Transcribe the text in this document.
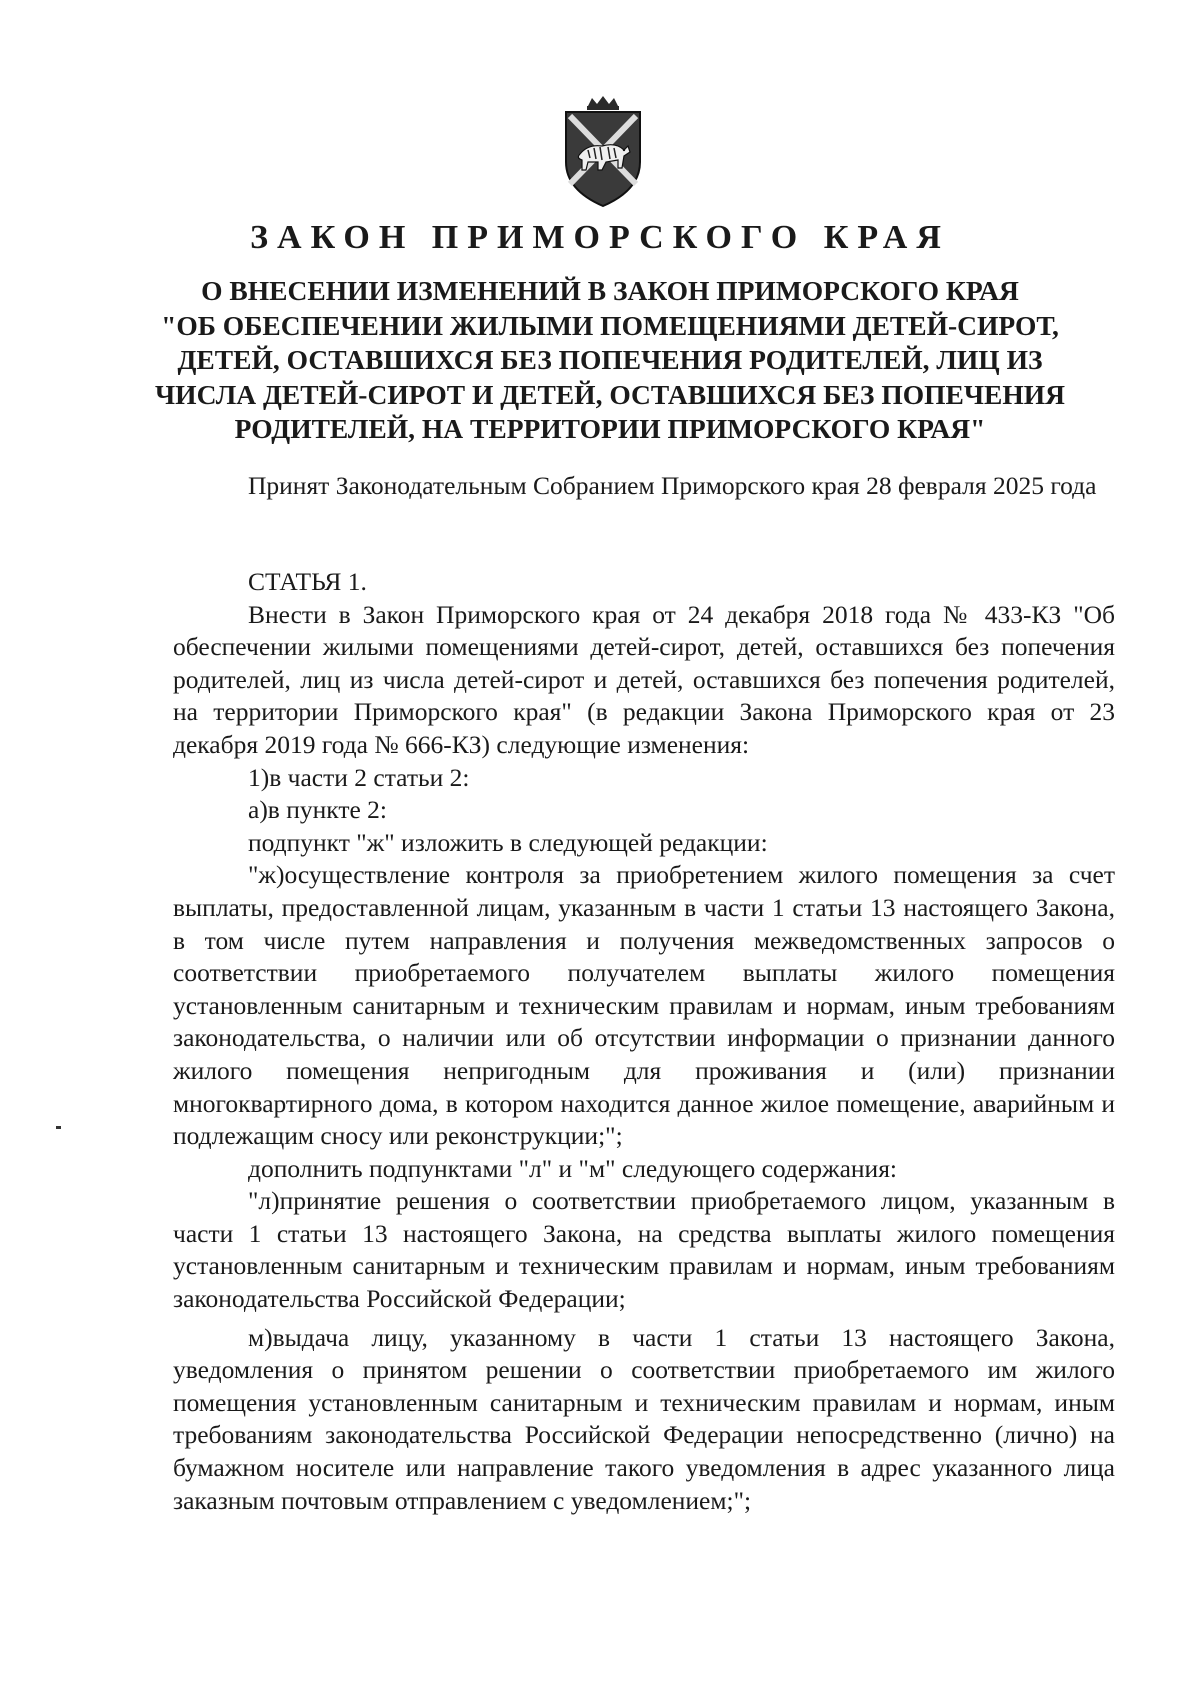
ЗАКОН ПРИМОРСКОГО КРАЯ
О ВНЕСЕНИИ ИЗМЕНЕНИЙ В ЗАКОН ПРИМОРСКОГО КРАЯ
"ОБ ОБЕСПЕЧЕНИИ ЖИЛЫМИ ПОМЕЩЕНИЯМИ ДЕТЕЙ-СИРОТ,
ДЕТЕЙ, ОСТАВШИХСЯ БЕЗ ПОПЕЧЕНИЯ РОДИТЕЛЕЙ, ЛИЦ ИЗ
ЧИСЛА ДЕТЕЙ-СИРОТ И ДЕТЕЙ, ОСТАВШИХСЯ БЕЗ ПОПЕЧЕНИЯ
РОДИТЕЛЕЙ, НА ТЕРРИТОРИИ ПРИМОРСКОГО КРАЯ"

Принят Законодательным Собранием Приморского края 28 февраля 2025 года

СТАТЬЯ 1.

Внести в Закон Приморского края от 24 декабря 2018 года № 433-КЗ "Об обеспечении жилыми помещениями детей-сирот, детей, оставшихся без попечения родителей, лиц из числа детей-сирот и детей, оставшихся без попечения родителей, на территории Приморского края" (в редакции Закона Приморского края от 23 декабря 2019 года № 666-КЗ) следующие изменения:

1)в части 2 статьи 2:

а)в пункте 2:

подпункт "ж" изложить в следующей редакции:

"ж)осуществление контроля за приобретением жилого помещения за счет выплаты, предоставленной лицам, указанным в части 1 статьи 13 настоящего Закона, в том числе путем направления и получения межведомственных запросов о соответствии приобретаемого получателем выплаты жилого помещения установленным санитарным и техническим правилам и нормам, иным требованиям законодательства, о наличии или об отсутствии информации о признании данного жилого помещения непригодным для проживания и (или) признании многоквартирного дома, в котором находится данное жилое помещение, аварийным и подлежащим сносу или реконструкции;";

дополнить подпунктами "л" и "м" следующего содержания:

"л)принятие решения о соответствии приобретаемого лицом, указанным в части 1 статьи 13 настоящего Закона, на средства выплаты жилого помещения установленным санитарным и техническим правилам и нормам, иным требованиям законодательства Российской Федерации;

м)выдача лицу, указанному в части 1 статьи 13 настоящего Закона, уведомления о принятом решении о соответствии приобретаемого им жилого помещения установленным санитарным и техническим правилам и нормам, иным требованиям законодательства Российской Федерации непосредственно (лично) на бумажном носителе или направление такого уведомления в адрес указанного лица заказным почтовым отправлением с уведомлением;";
